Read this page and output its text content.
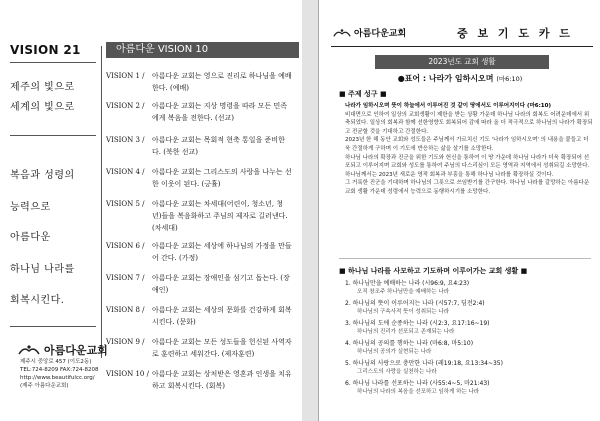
VISION 21
제주의 빛으로
세계의 빛으로
복음과 성령의
능력으로
아름다운
하나님 나라를
회복시킨다.
아름다운 VISION 10
VISION 1 /	아름다운 교회는 영으로 진리로 하나님을 예배한다. (예배)
VISION 2 /	아름다운 교회는 지상 명령을 따라 모든 민족에게 복음을 전한다. (선교)
VISION 3 /	아름다운 교회는 목회적 현축 통일을 준비한다. (북한 선교)
VISION 4 /	아름다운 교회는 그리스도의 사랑을 나누는 선한 이웃이 된다. (긍휼)
VISION 5 /	아름다운 교회는 차세대(어린이, 청소년, 청년)들을 복음화하고 주님의 제자로 길러낸다. (차세대)
VISION 6 /	아름다운 교회는 세상에 하나님의 가정을 만들어 간다. (가정)
VISION 7 /	아름다운 교회는 장애인을 섬기고 돕는다. (장애인)
VISION 8 /	아름다운 교회는 세상의 문화를 건강하게 회복시킨다. (문화)
VISION 9 /	아름다운 교회는 모든 성도들을 헌신된 사역자로 훈련하고 세워간다. (제자훈련)
VISION 10 / 아름다운 교회는 상처받은 영혼과 인생을 치유하고 회복시킨다. (회복)
아름다운교회
제주시 중앙로 457 (이도2동)
TEL:724-8209 FAX:724-8208
http://www.beautifulcc.org/
(제주 아름다운교회)
아름다운교회	중 보 기 도 카 드
2023년도 교회 생활
●표어 : 나라가 임하시오며 (마6:10)
■ 주제 성구 ■
나라가 임하시오며 뜻이 하늘에서 이루어진 것 같이 땅에서도 이루어지이다 (마6:10)
비대면으로 인하여 일상의 교회생활이 제한을 받는 상황 가운데 하나님 나라의 회복도 어려운데에서 위축되었다. 일상의 회복과 함께 선한영향도 회복되어 감에 따라 올 더 적극적으로 하나님의 나라가 확장되고 전균할 것을 기대하고 간절한다.
2023년 한 해 동안 교회와 성도들은 주님께서 가르치신 기도 '나라가 임하시오며' 의 내용을 붙들고 더욱 간절하게 구하며 이 기도에 반응하는 삶을 살기를 소망한다.
하나님 나라의 확장과 진군을 위한 기도와 헌신을 통하여 이 땅 가운데 하나님 나라가 더욱 확장되어 선포되고 이루어지며 교회와 성도를 통하여 주님의 다스리심이 모든 영역과 지역에서 성취되길 소망한다.
하나님께서는 2023년 새로운 영적 회복과 부흥을 통해 하나님 나라를 확장하실 것이다.
그 거룩한 진군을 기대하며 하나님의 그릇으로 쓰임받기를 간구한다. 하나님 나라를 갈망하는 아름다운 교회 생활 가운데 성령에서 능력으로 동행하시기를 소망한다.
■ 하나님 나라를 사모하고 기도하며 이루어가는 교회 생활 ■
1. 하나님만을 예배하는 나라 (시96:9, 요4:23)
오직 창조주 하나님만을 예배하는 나라
2. 하나님의 뜻이 이루어지는 나라 (시57:7, 딤전2:4)
하나님의 구속사적 뜻이 성취되는 나라
3. 하나님의 도에 순종하는 나라 (시2:3, 요17:16~19)
하나님의 진리가 선포되고 존재되는 나라
4. 하나님의 공의를 행하는 나라 (마6:8, 마5:10)
하나님의 공의가 실현되는 나라
5. 하나님의 사랑으로 충만한 나라 (레19:18, 요13:34~35)
그리스도의 사랑을 실천하는 나라
6. 하나님 나라를 선포하는 나라 (사55:4~5, 마21:43)
하나님의 나라의 복음을 선포하고 임하게 하는 나라
